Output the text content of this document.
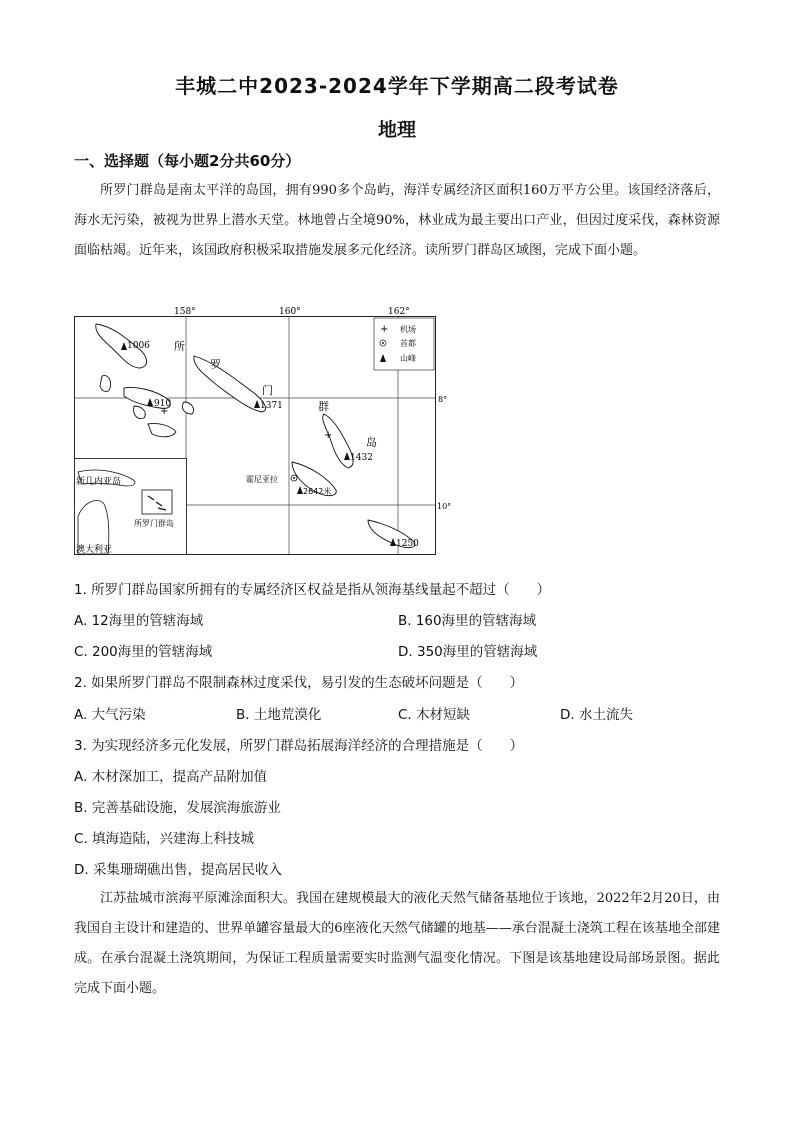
丰城二中2023-2024学年下学期高二段考试卷
地理
一、选择题（每小题2分共60分）
所罗门群岛是南太平洋的岛国，拥有990多个岛屿，海洋专属经济区面积160万平方公里。该国经济落后，海水无污染，被视为世界上潜水天堂。林地曾占全境90%，林业成为最主要出口产业，但因过度采伐，森林资源面临枯竭。近年来，该国政府积极采取措施发展多元化经济。读所罗门群岛区域图，完成下面小题。
158°	160°	162°
8°
10°
+ 机场
首都
山峰
所
罗
门
群
岛
1006
910	1371
1432
2642米
1250
+
+
霍尼亚拉
新几内亚岛
所罗门群岛
澳大利亚
1. 所罗门群岛国家所拥有的专属经济区权益是指从领海基线量起不超过（　　）
A. 12海里的管辖海域	B. 160海里的管辖海域
C. 200海里的管辖海域	D. 350海里的管辖海域
2. 如果所罗门群岛不限制森林过度采伐，易引发的生态破坏问题是（　　）
A. 大气污染	B. 土地荒漠化	C. 木材短缺	D. 水土流失
3. 为实现经济多元化发展，所罗门群岛拓展海洋经济的合理措施是（　　）
A. 木材深加工，提高产品附加值
B. 完善基础设施，发展滨海旅游业
C. 填海造陆，兴建海上科技城
D. 采集珊瑚礁出售，提高居民收入
江苏盐城市滨海平原滩涂面积大。我国在建规模最大的液化天然气储备基地位于该地，2022年2月20日，由我国自主设计和建造的、世界单罐容量最大的6座液化天然气储罐的地基——承台混凝土浇筑工程在该基地全部建成。在承台混凝土浇筑期间，为保证工程质量需要实时监测气温变化情况。下图是该基地建设局部场景图。据此完成下面小题。
